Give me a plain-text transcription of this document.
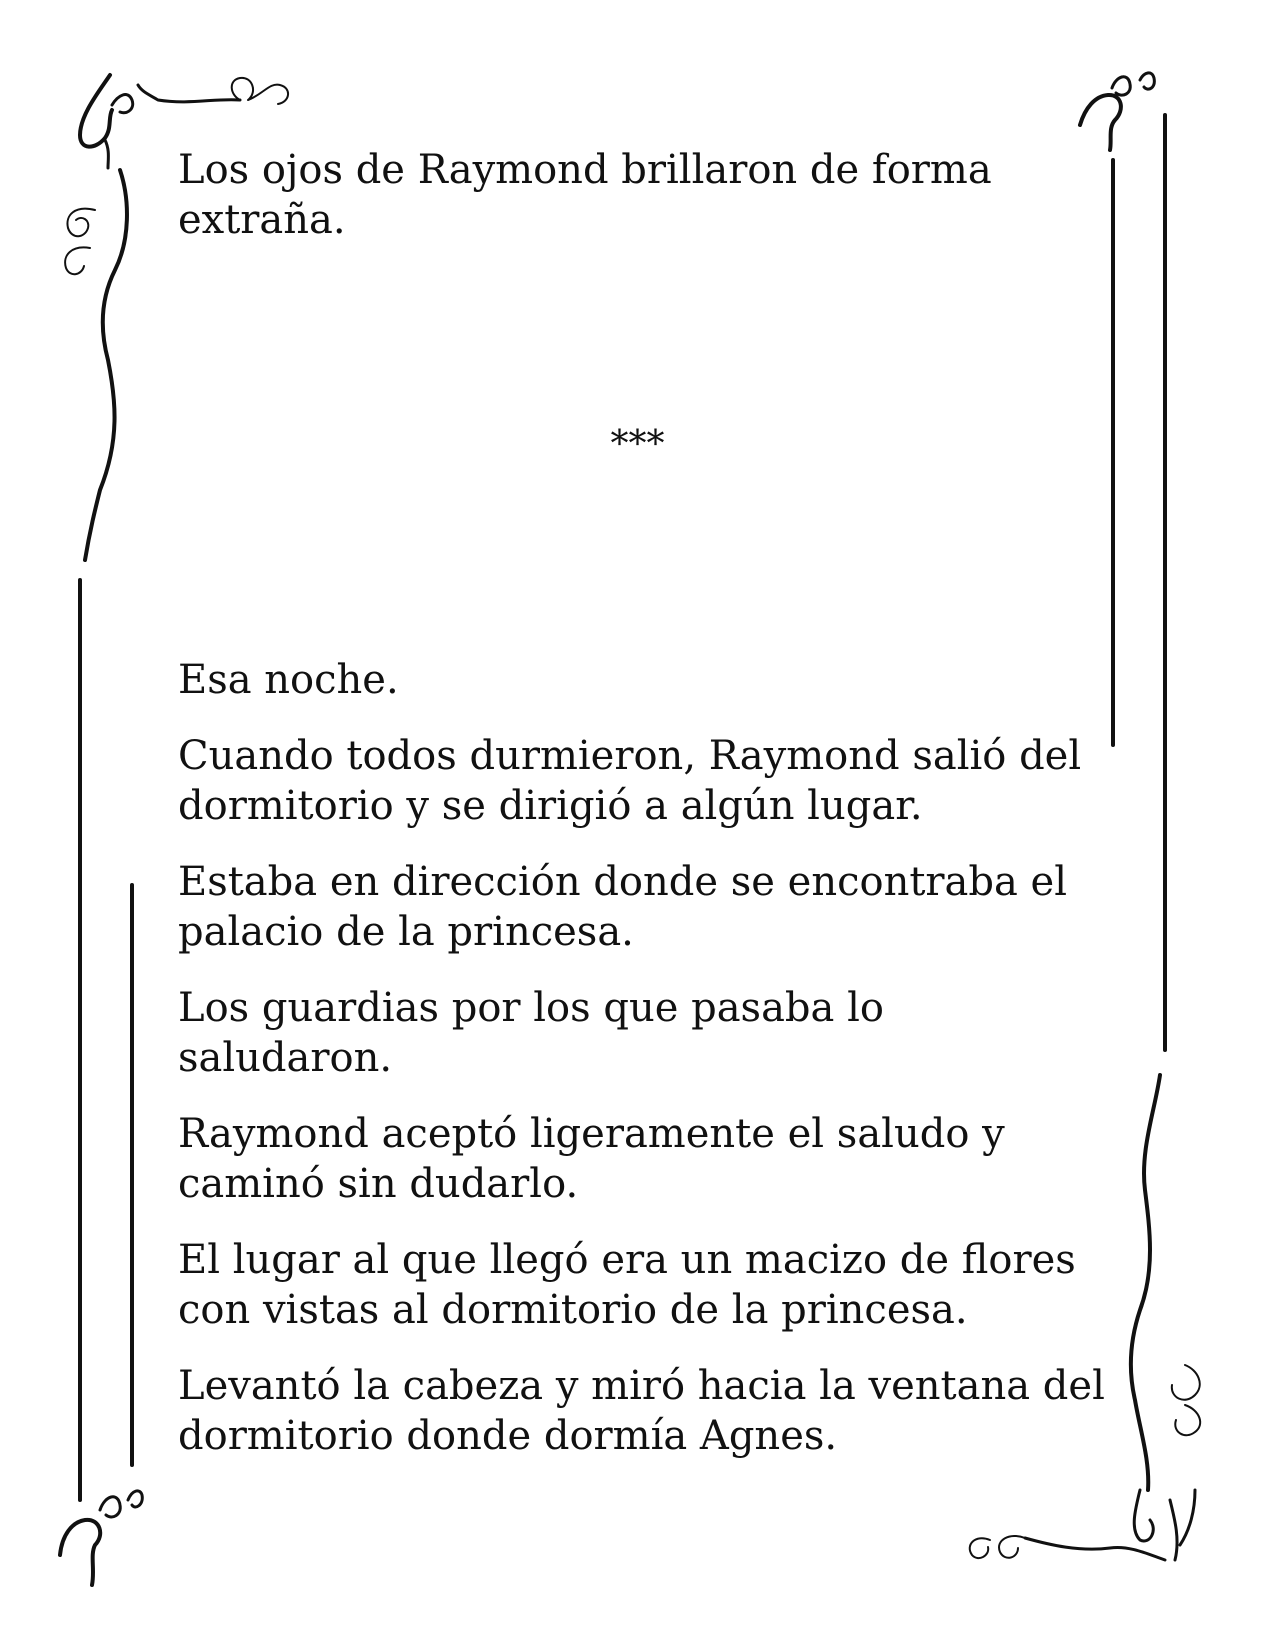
Los ojos de Raymond brillaron de forma extraña.

***

Esa noche.

Cuando todos durmieron, Raymond salió del dormitorio y se dirigió a algún lugar.

Estaba en dirección donde se encontraba el palacio de la princesa.

Los guardias por los que pasaba lo saludaron.

Raymond aceptó ligeramente el saludo y caminó sin dudarlo.

El lugar al que llegó era un macizo de flores con vistas al dormitorio de la princesa.

Levantó la cabeza y miró hacia la ventana del dormitorio donde dormía Agnes.
